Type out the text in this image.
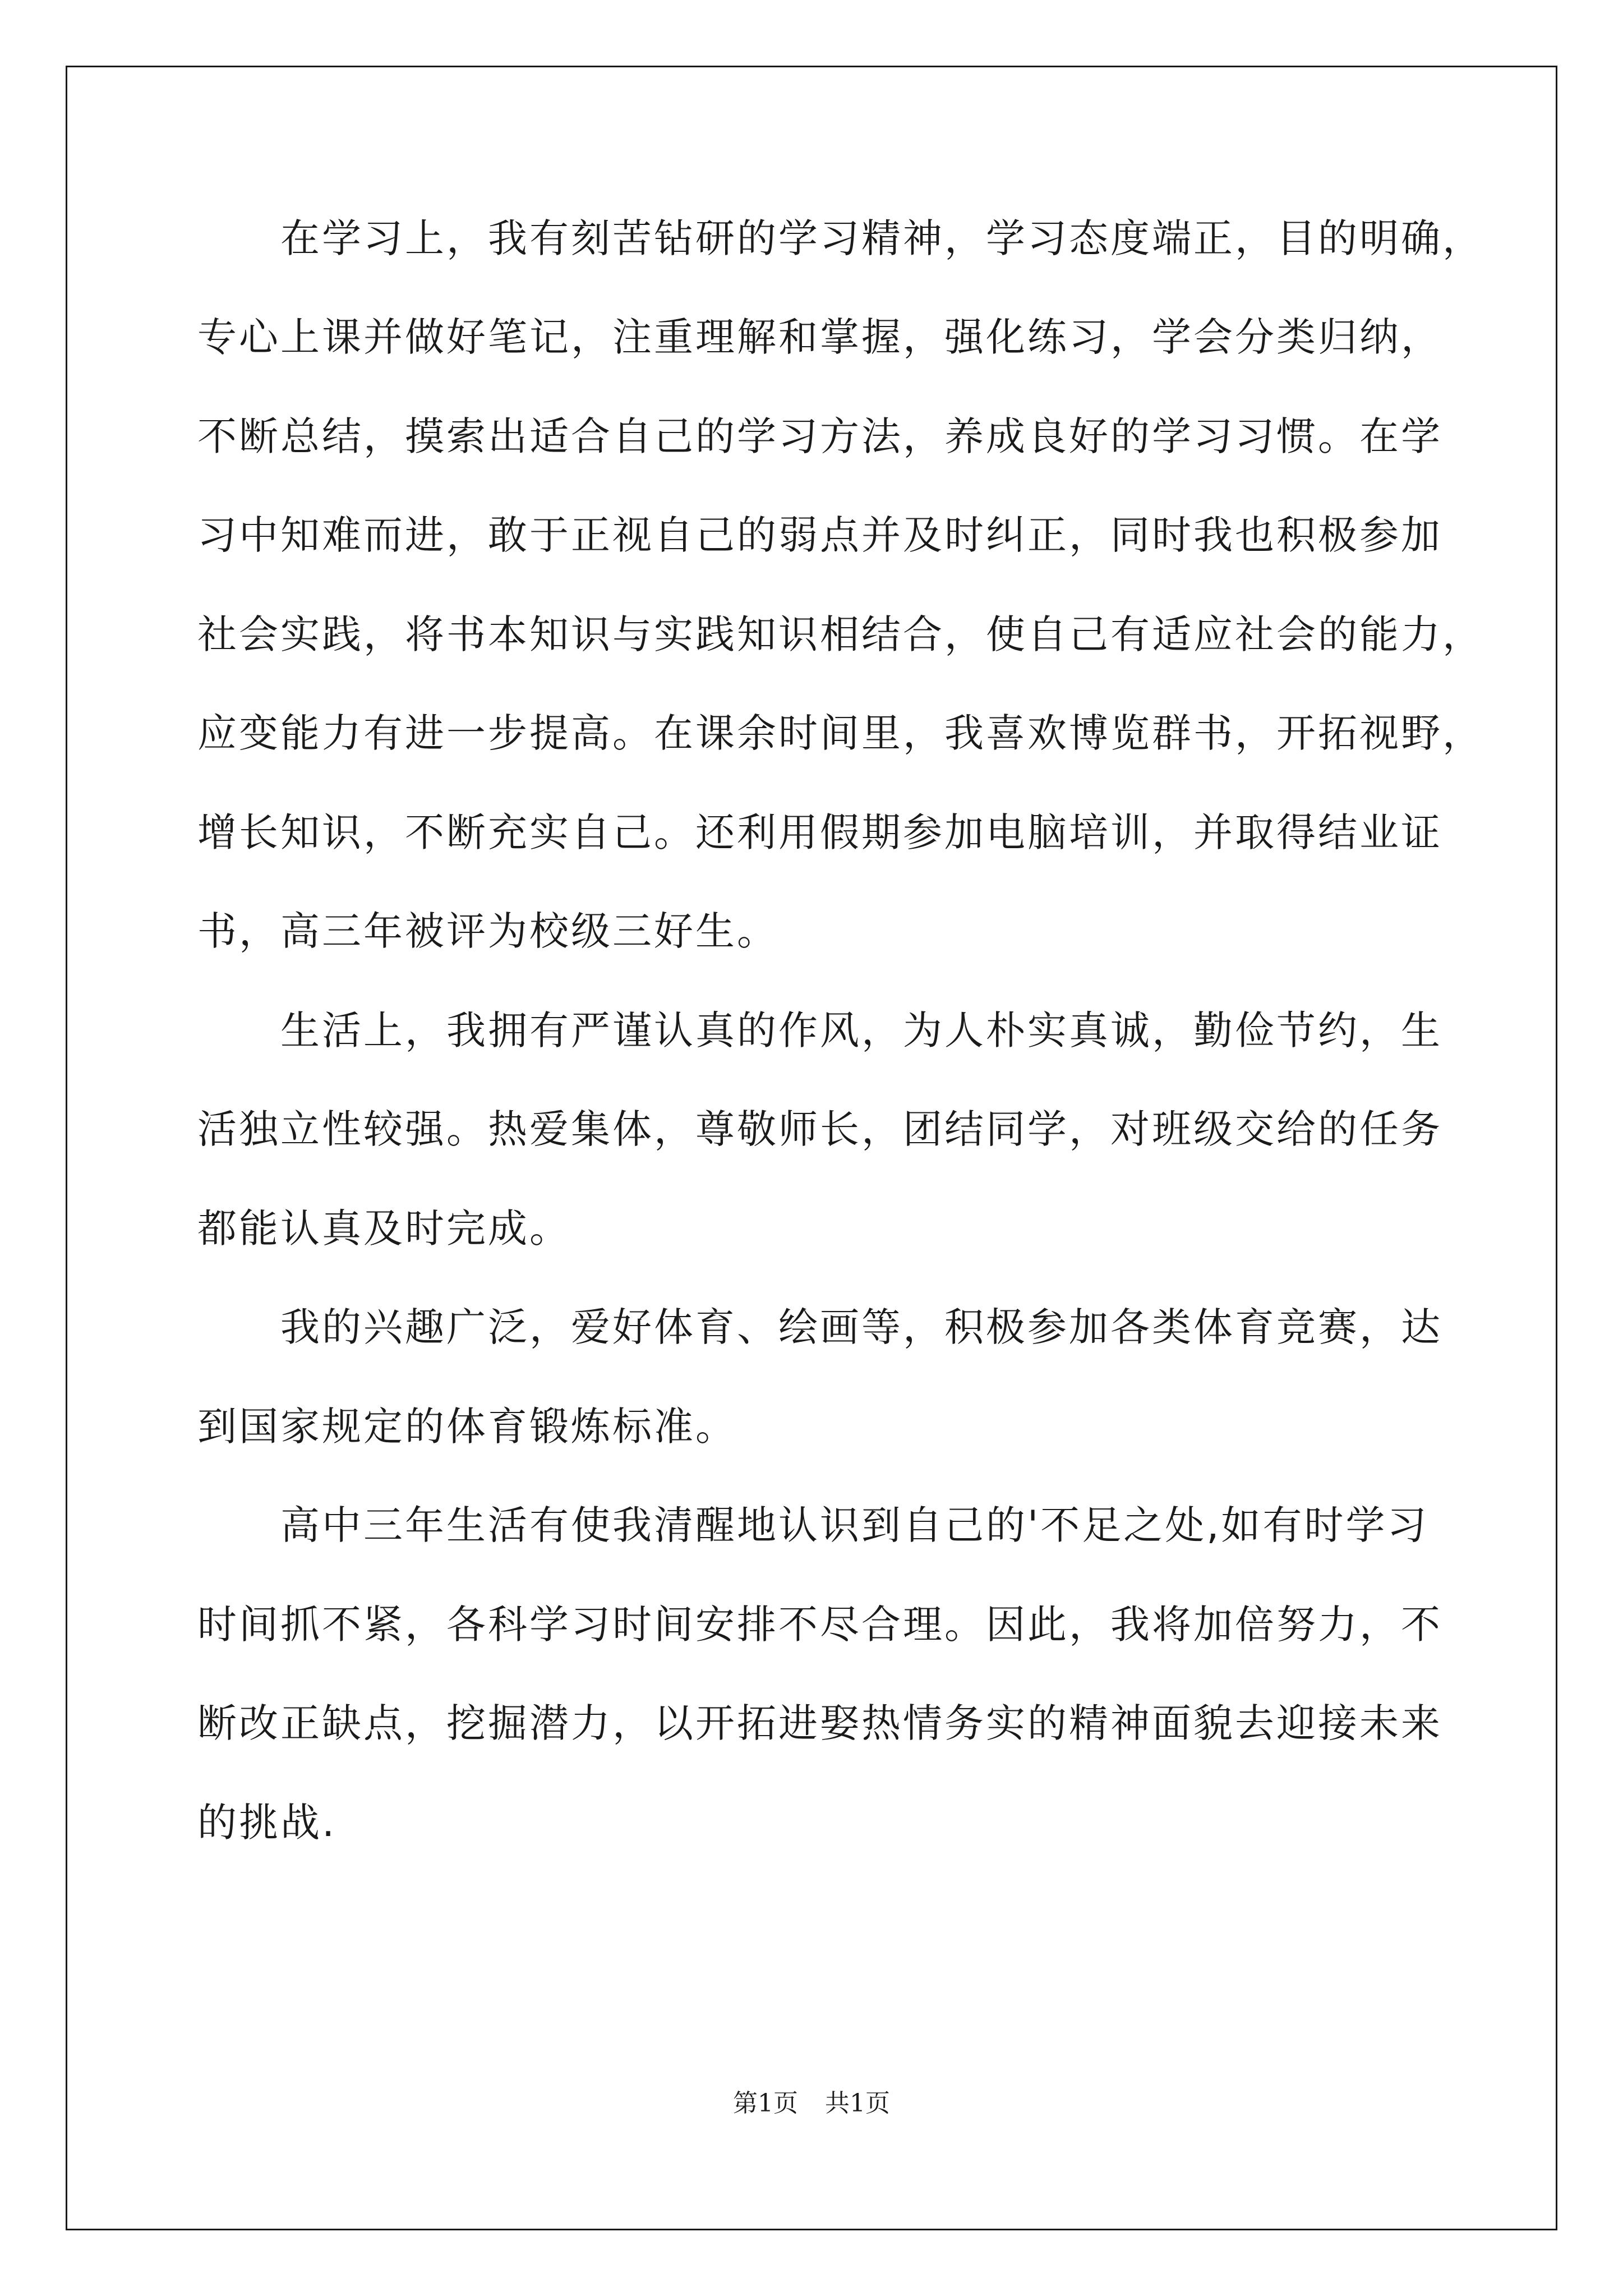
在学习上，我有刻苦钻研的学习精神，学习态度端正，目的明确，
专心上课并做好笔记，注重理解和掌握，强化练习，学会分类归纳，
不断总结，摸索出适合自己的学习方法，养成良好的学习习惯。在学
习中知难而进，敢于正视自己的弱点并及时纠正，同时我也积极参加
社会实践，将书本知识与实践知识相结合，使自己有适应社会的能力，
应变能力有进一步提高。在课余时间里，我喜欢博览群书，开拓视野，
增长知识，不断充实自己。还利用假期参加电脑培训，并取得结业证
书，高三年被评为校级三好生。
生活上，我拥有严谨认真的作风，为人朴实真诚，勤俭节约，生
活独立性较强。热爱集体，尊敬师长，团结同学，对班级交给的任务
都能认真及时完成。
我的兴趣广泛，爱好体育、绘画等，积极参加各类体育竞赛，达
到国家规定的体育锻炼标准。
高中三年生活有使我清醒地认识到自己的'不足之处,如有时学习
时间抓不紧，各科学习时间安排不尽合理。因此，我将加倍努力，不
断改正缺点，挖掘潜力，以开拓进娶热情务实的精神面貌去迎接未来
的挑战.
第1页 共1页
